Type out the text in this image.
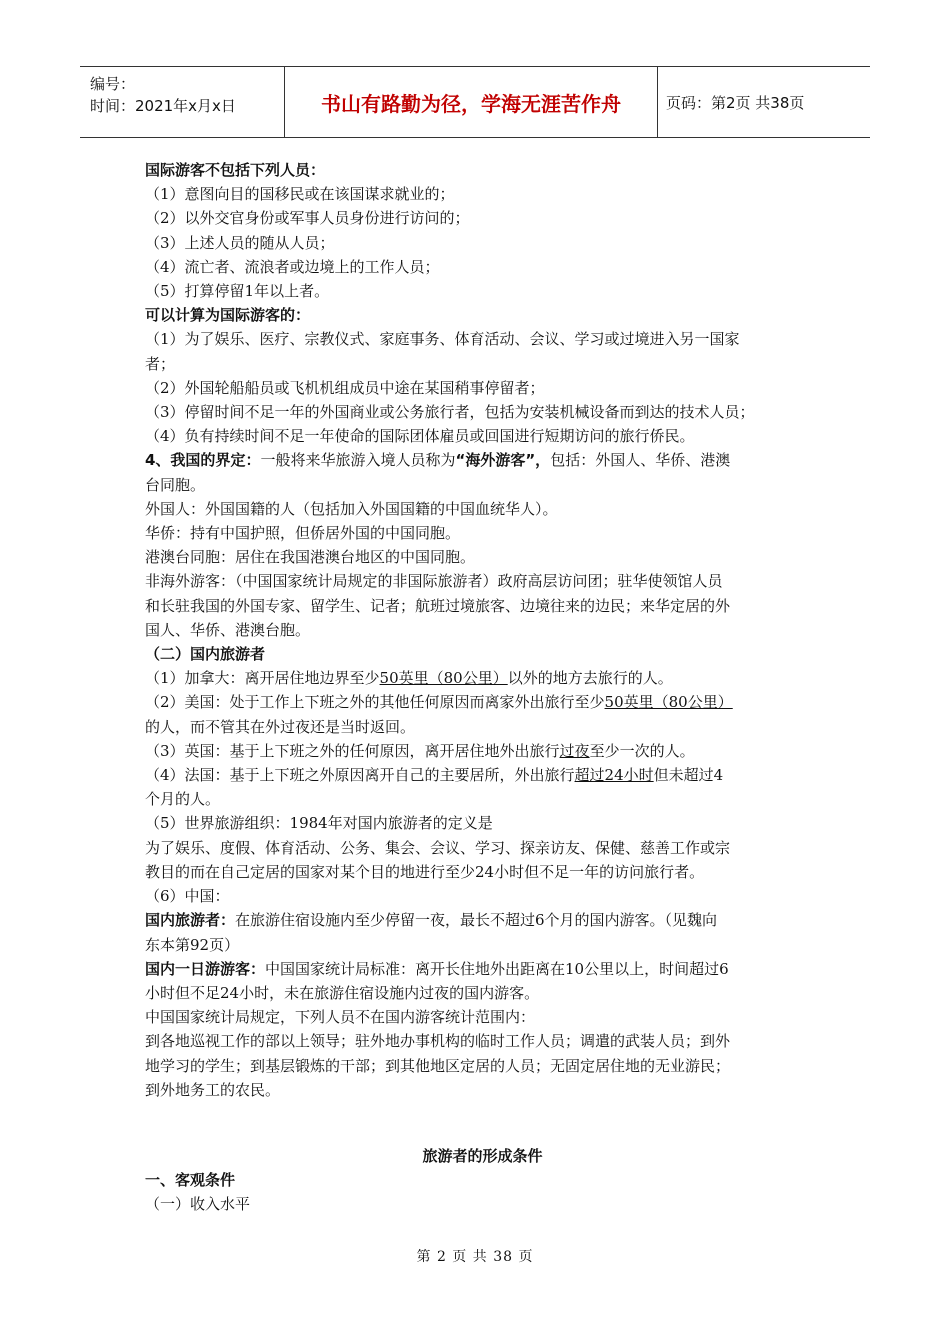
编号：
时间：2021年x月x日	书山有路勤为径，学海无涯苦作舟	页码：第2页 共38页

国际游客不包括下列人员：

（1）意图向目的国移民或在该国谋求就业的；

（2）以外交官身份或军事人员身份进行访问的；

（3）上述人员的随从人员；

（4）流亡者、流浪者或边境上的工作人员；

（5）打算停留1年以上者。

可以计算为国际游客的：

（1）为了娱乐、医疗、宗教仪式、家庭事务、体育活动、会议、学习或过境进入另一国家

者；

（2）外国轮船船员或飞机机组成员中途在某国稍事停留者；

（3）停留时间不足一年的外国商业或公务旅行者，包括为安装机械设备而到达的技术人员；

（4）负有持续时间不足一年使命的国际团体雇员或回国进行短期访问的旅行侨民。

4、我国的界定：一般将来华旅游入境人员称为“海外游客”，包括：外国人、华侨、港澳

台同胞。

外国人：外国国籍的人（包括加入外国国籍的中国血统华人）。

华侨：持有中国护照，但侨居外国的中国同胞。

港澳台同胞：居住在我国港澳台地区的中国同胞。

非海外游客：（中国国家统计局规定的非国际旅游者）政府高层访问团；驻华使领馆人员

和长驻我国的外国专家、留学生、记者；航班过境旅客、边境往来的边民；来华定居的外

国人、华侨、港澳台胞。

（二）国内旅游者

（1）加拿大：离开居住地边界至少50英里（80公里）以外的地方去旅行的人。

（2）美国：处于工作上下班之外的其他任何原因而离家外出旅行至少50英里（80公里）

的人，而不管其在外过夜还是当时返回。

（3）英国：基于上下班之外的任何原因，离开居住地外出旅行过夜至少一次的人。

（4）法国：基于上下班之外原因离开自己的主要居所，外出旅行超过24小时但未超过4

个月的人。

（5）世界旅游组织：1984年对国内旅游者的定义是

为了娱乐、度假、体育活动、公务、集会、会议、学习、探亲访友、保健、慈善工作或宗

教目的而在自己定居的国家对某个目的地进行至少24小时但不足一年的访问旅行者。

（6）中国：

国内旅游者：在旅游住宿设施内至少停留一夜，最长不超过6个月的国内游客。（见魏向

东本第92页）

国内一日游游客：中国国家统计局标准：离开长住地外出距离在10公里以上，时间超过6

小时但不足24小时，未在旅游住宿设施内过夜的国内游客。

中国国家统计局规定，下列人员不在国内游客统计范围内：

到各地巡视工作的部以上领导；驻外地办事机构的临时工作人员；调遣的武装人员；到外

地学习的学生；到基层锻炼的干部；到其他地区定居的人员；无固定居住地的无业游民；

到外地务工的农民。

旅游者的形成条件

一、客观条件

（一）收入水平

第 2 页 共 38 页
